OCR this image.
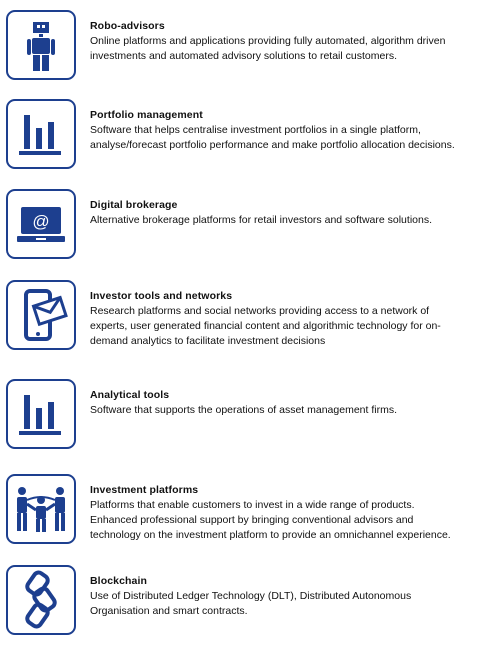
Robo-advisors
Online platforms and applications providing fully automated, algorithm driven investments and automated advisory solutions to retail customers.
Portfolio management
Software that helps centralise investment portfolios in a single platform, analyse/forecast portfolio performance and make portfolio allocation decisions.
@
Digital brokerage
Alternative brokerage platforms for retail investors and software solutions.
Investor tools and networks
Research platforms and social networks providing access to a network of experts, user generated financial content and algorithmic technology for on-demand analytics to facilitate investment decisions
Analytical tools
Software that supports the operations of asset management firms.
Investment platforms
Platforms that enable customers to invest in a wide range of products. Enhanced professional support by bringing conventional advisors and technology on the investment platform to provide an omnichannel experience.
Blockchain
Use of Distributed Ledger Technology (DLT), Distributed Autonomous Organisation and smart contracts.
